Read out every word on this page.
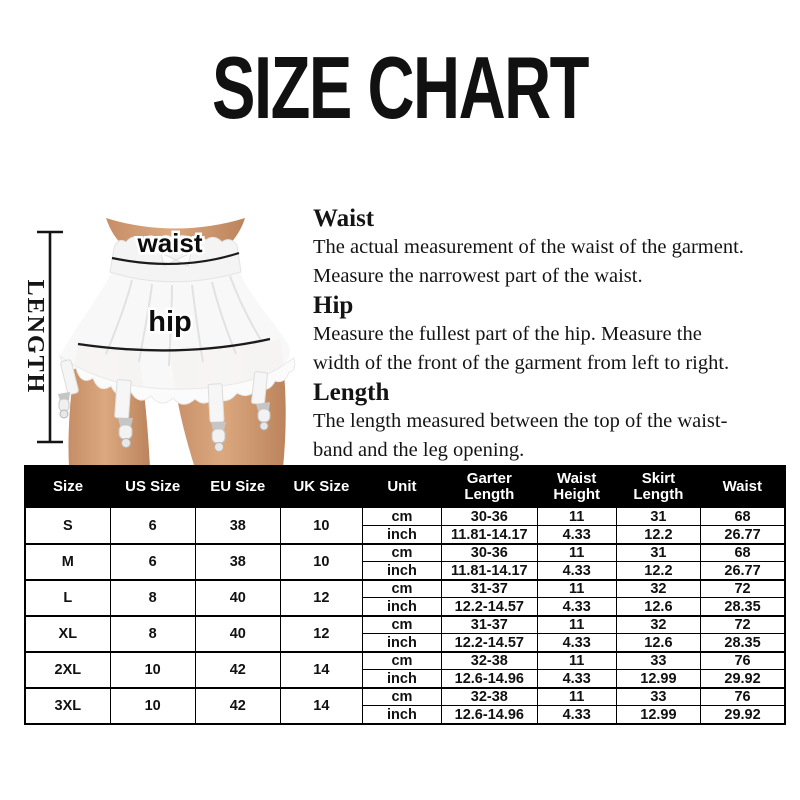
SIZE CHART
waist
hip
LENGTH
Waist
The actual measurement of the waist of the garment.
Measure the narrowest part of the waist.
Hip
Measure the fullest part of the hip. Measure the
width of the front of the garment from left to right.
Length
The length measured between the top of the waist-
band and the leg opening.
Size	US Size	EU Size	UK Size	Unit	Garter Length	Waist Height	Skirt Length	Waist
S	6	38	10	cm	30-36	11	31	68
				inch	11.81-14.17	4.33	12.2	26.77
M	6	38	10	cm	30-36	11	31	68
				inch	11.81-14.17	4.33	12.2	26.77
L	8	40	12	cm	31-37	11	32	72
				inch	12.2-14.57	4.33	12.6	28.35
XL	8	40	12	cm	31-37	11	32	72
				inch	12.2-14.57	4.33	12.6	28.35
2XL	10	42	14	cm	32-38	11	33	76
				inch	12.6-14.96	4.33	12.99	29.92
3XL	10	42	14	cm	32-38	11	33	76
				inch	12.6-14.96	4.33	12.99	29.92
